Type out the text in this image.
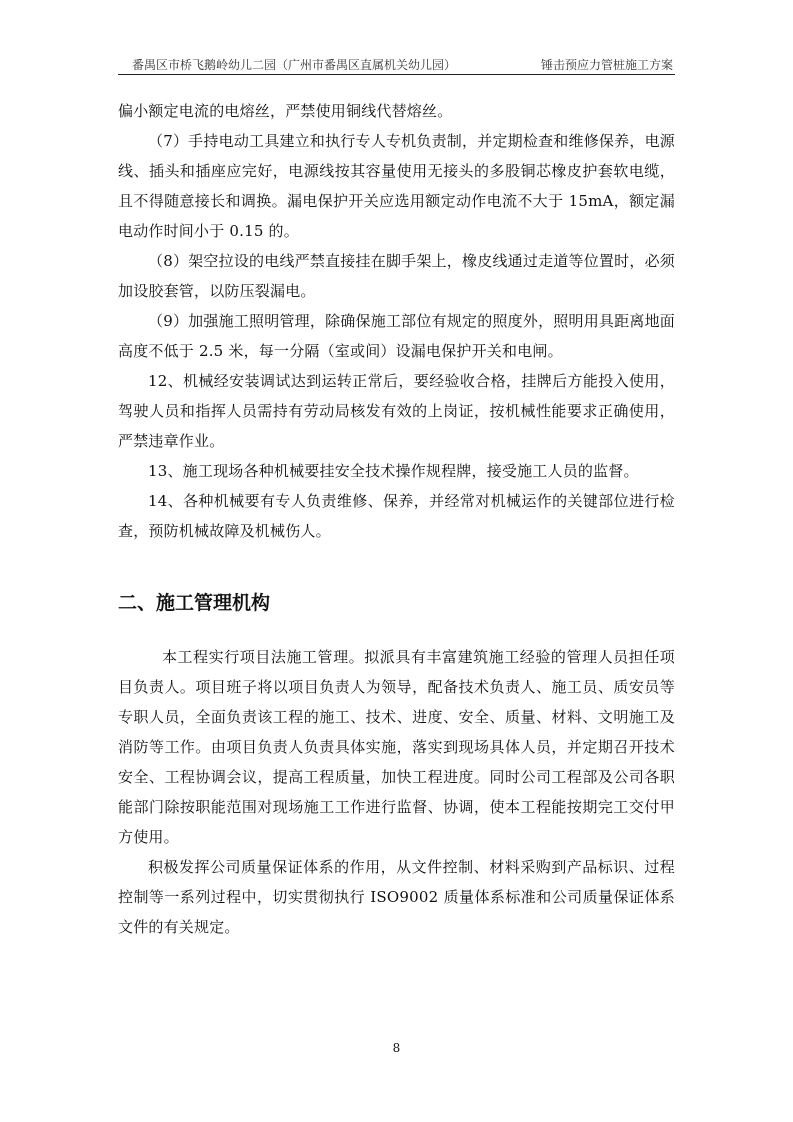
番禺区市桥飞鹅岭幼儿二园（广州市番禺区直属机关幼儿园）	锤击预应力管桩施工方案

偏小额定电流的电熔丝，严禁使用铜线代替熔丝。

（7）手持电动工具建立和执行专人专机负责制，并定期检查和维修保养，电源线、插头和插座应完好，电源线按其容量使用无接头的多股铜芯橡皮护套软电缆，且不得随意接长和调换。漏电保护开关应选用额定动作电流不大于 15mA，额定漏电动作时间小于 0.15 的。

（8）架空拉设的电线严禁直接挂在脚手架上，橡皮线通过走道等位置时，必须加设胶套管，以防压裂漏电。

（9）加强施工照明管理，除确保施工部位有规定的照度外，照明用具距离地面高度不低于 2.5 米，每一分隔（室或间）设漏电保护开关和电闸。

12、机械经安装调试达到运转正常后，要经验收合格，挂牌后方能投入使用，驾驶人员和指挥人员需持有劳动局核发有效的上岗证，按机械性能要求正确使用，严禁违章作业。

13、施工现场各种机械要挂安全技术操作规程牌，接受施工人员的监督。

14、各种机械要有专人负责维修、保养，并经常对机械运作的关键部位进行检查，预防机械故障及机械伤人。

二、施工管理机构

本工程实行项目法施工管理。拟派具有丰富建筑施工经验的管理人员担任项目负责人。项目班子将以项目负责人为领导，配备技术负责人、施工员、质安员等专职人员，全面负责该工程的施工、技术、进度、安全、质量、材料、文明施工及消防等工作。由项目负责人负责具体实施，落实到现场具体人员，并定期召开技术安全、工程协调会议，提高工程质量，加快工程进度。同时公司工程部及公司各职能部门除按职能范围对现场施工工作进行监督、协调，使本工程能按期完工交付甲方使用。

积极发挥公司质量保证体系的作用，从文件控制、材料采购到产品标识、过程控制等一系列过程中，切实贯彻执行 ISO9002 质量体系标准和公司质量保证体系文件的有关规定。

8
